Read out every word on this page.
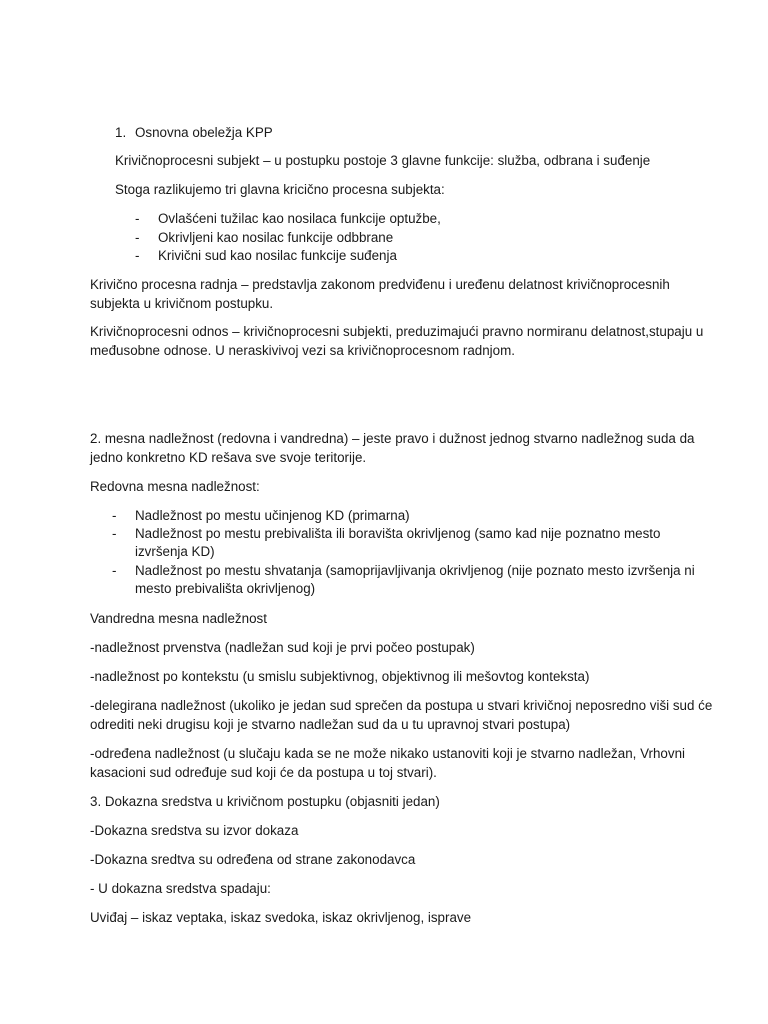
1. Osnovna obeležja KPP
Krivičnoprocesni subjekt – u postupku postoje 3 glavne funkcije: služba, odbrana i suđenje
Stoga razlikujemo tri glavna kricično procesna subjekta:
- Ovlašćeni tužilac kao nosilaca funkcije optužbe,
- Okrivljeni kao nosilac funkcije odbbrane
- Krivični sud kao nosilac funkcije suđenja
Krivično procesna radnja – predstavlja zakonom predviđenu i uređenu delatnost krivičnoprocesnih
subjekta u krivičnom postupku.
Krivičnoprocesni odnos – krivičnoprocesni subjekti, preduzimajući pravno normiranu delatnost,stupaju u
međusobne odnose. U neraskivivoj vezi sa krivičnoprocesnom radnjom.
2. mesna nadležnost (redovna i vandredna) – jeste pravo i dužnost jednog stvarno nadležnog suda da
jedno konkretno KD rešava sve svoje teritorije.
Redovna mesna nadležnost:
- Nadležnost po mestu učinjenog KD (primarna)
- Nadležnost po mestu prebivališta ili boravišta okrivljenog (samo kad nije poznatno mesto
izvršenja KD)
- Nadležnost po mestu shvatanja (samoprijavljivanja okrivljenog (nije poznato mesto izvršenja ni
mesto prebivališta okrivljenog)
Vandredna mesna nadležnost
-nadležnost prvenstva (nadležan sud koji je prvi počeo postupak)
-nadležnost po kontekstu (u smislu subjektivnog, objektivnog ili mešovtog konteksta)
-delegirana nadležnost (ukoliko je jedan sud sprečen da postupa u stvari krivičnoj neposredno viši sud će
odrediti neki drugisu koji je stvarno nadležan sud da u tu upravnoj stvari postupa)
-određena nadležnost (u slučaju kada se ne može nikako ustanoviti koji je stvarno nadležan, Vrhovni
kasacioni sud određuje sud koji će da postupa u toj stvari).
3. Dokazna sredstva u krivičnom postupku (objasniti jedan)
-Dokazna sredstva su izvor dokaza
-Dokazna sredtva su određena od strane zakonodavca
- U dokazna sredstva spadaju:
Uviđaj – iskaz veptaka, iskaz svedoka, iskaz okrivljenog, isprave
